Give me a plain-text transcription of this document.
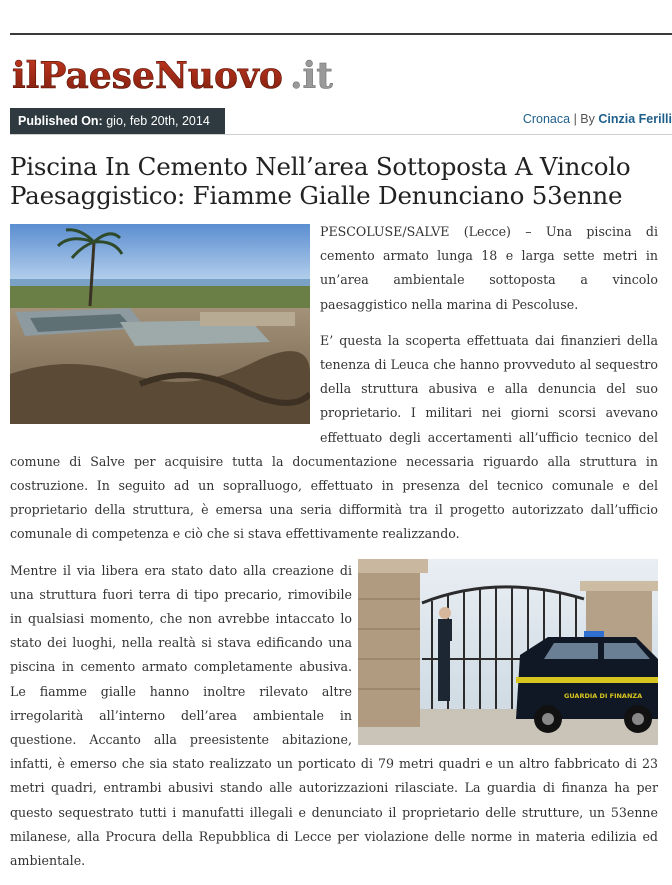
ilPaeseNuovo .it
Published On: gio, feb 20th, 2014	Cronaca | By Cinzia Ferilli
Piscina In Cemento Nell’area Sottoposta A Vincolo Paesaggistico: Fiamme Gialle Denunciano 53enne

PESCOLUSE/SALVE (Lecce) – Una piscina di cemento armato lunga 18 e larga sette metri in un’area ambientale sottoposta a vincolo paesaggistico nella marina di Pescoluse.

E’ questa la scoperta effettuata dai finanzieri della tenenza di Leuca che hanno provveduto al sequestro della struttura abusiva e alla denuncia del suo proprietario. I militari nei giorni scorsi avevano effettuato degli accertamenti all’ufficio tecnico del comune di Salve per acquisire tutta la documentazione necessaria riguardo alla struttura in costruzione. In seguito ad un sopralluogo, effettuato in presenza del tecnico comunale e del proprietario della struttura, è emersa una seria difformità tra il progetto autorizzato dall’ufficio comunale di competenza e ciò che si stava effettivamente realizzando.

GUARDIA DI FINANZA

Mentre il via libera era stato dato alla creazione di una struttura fuori terra di tipo precario, rimovibile in qualsiasi momento, che non avrebbe intaccato lo stato dei luoghi, nella realtà si stava edificando una piscina in cemento armato completamente abusiva. Le fiamme gialle hanno inoltre rilevato altre irregolarità all’interno dell’area ambientale in questione. Accanto alla preesistente abitazione, infatti, è emerso che sia stato realizzato un porticato di 79 metri quadri e un altro fabbricato di 23 metri quadri, entrambi abusivi stando alle autorizzazioni rilasciate. La guardia di finanza ha per questo sequestrato tutti i manufatti illegali e denunciato il proprietario delle strutture, un 53enne milanese, alla Procura della Repubblica di Lecce per violazione delle norme in materia edilizia ed ambientale.
